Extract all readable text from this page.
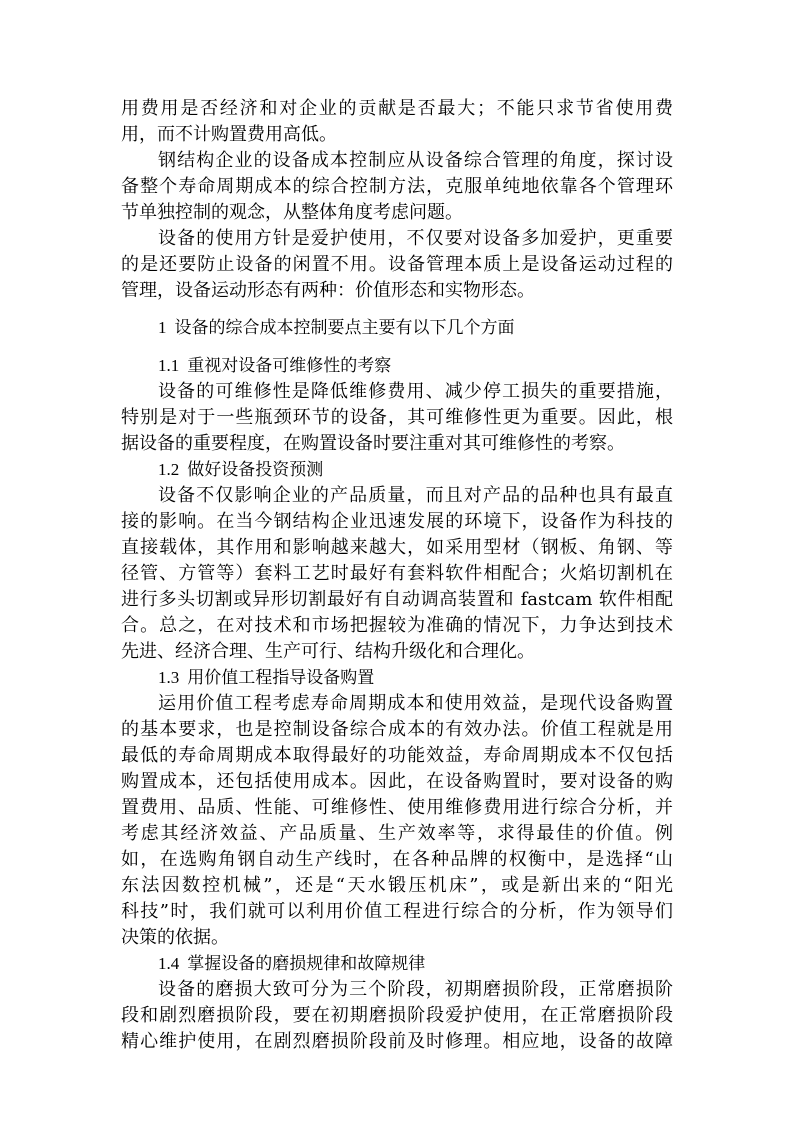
用费用是否经济和对企业的贡献是否最大；不能只求节省使用费
用，而不计购置费用高低。
钢结构企业的设备成本控制应从设备综合管理的角度，探讨设
备整个寿命周期成本的综合控制方法，克服单纯地依靠各个管理环
节单独控制的观念，从整体角度考虑问题。
设备的使用方针是爱护使用，不仅要对设备多加爱护，更重要
的是还要防止设备的闲置不用。设备管理本质上是设备运动过程的
管理，设备运动形态有两种：价值形态和实物形态。
1 设备的综合成本控制要点主要有以下几个方面
1.1 重视对设备可维修性的考察
设备的可维修性是降低维修费用、减少停工损失的重要措施，
特别是对于一些瓶颈环节的设备，其可维修性更为重要。因此，根
据设备的重要程度，在购置设备时要注重对其可维修性的考察。
1.2 做好设备投资预测
设备不仅影响企业的产品质量，而且对产品的品种也具有最直
接的影响。在当今钢结构企业迅速发展的环境下，设备作为科技的
直接载体，其作用和影响越来越大，如采用型材（钢板、角钢、等
径管、方管等）套料工艺时最好有套料软件相配合；火焰切割机在
进行多头切割或异形切割最好有自动调高装置和 fastcam 软件相配
合。总之，在对技术和市场把握较为准确的情况下，力争达到技术
先进、经济合理、生产可行、结构升级化和合理化。
1.3 用价值工程指导设备购置
运用价值工程考虑寿命周期成本和使用效益，是现代设备购置
的基本要求，也是控制设备综合成本的有效办法。价值工程就是用
最低的寿命周期成本取得最好的功能效益，寿命周期成本不仅包括
购置成本，还包括使用成本。因此，在设备购置时，要对设备的购
置费用、品质、性能、可维修性、使用维修费用进行综合分析，并
考虑其经济效益、产品质量、生产效率等，求得最佳的价值。例
如，在选购角钢自动生产线时，在各种品牌的权衡中，是选择“山
东法因数控机械”，还是“天水锻压机床”，或是新出来的“阳光
科技”时，我们就可以利用价值工程进行综合的分析，作为领导们
决策的依据。
1.4 掌握设备的磨损规律和故障规律
设备的磨损大致可分为三个阶段，初期磨损阶段，正常磨损阶
段和剧烈磨损阶段，要在初期磨损阶段爱护使用，在正常磨损阶段
精心维护使用，在剧烈磨损阶段前及时修理。相应地，设备的故障
